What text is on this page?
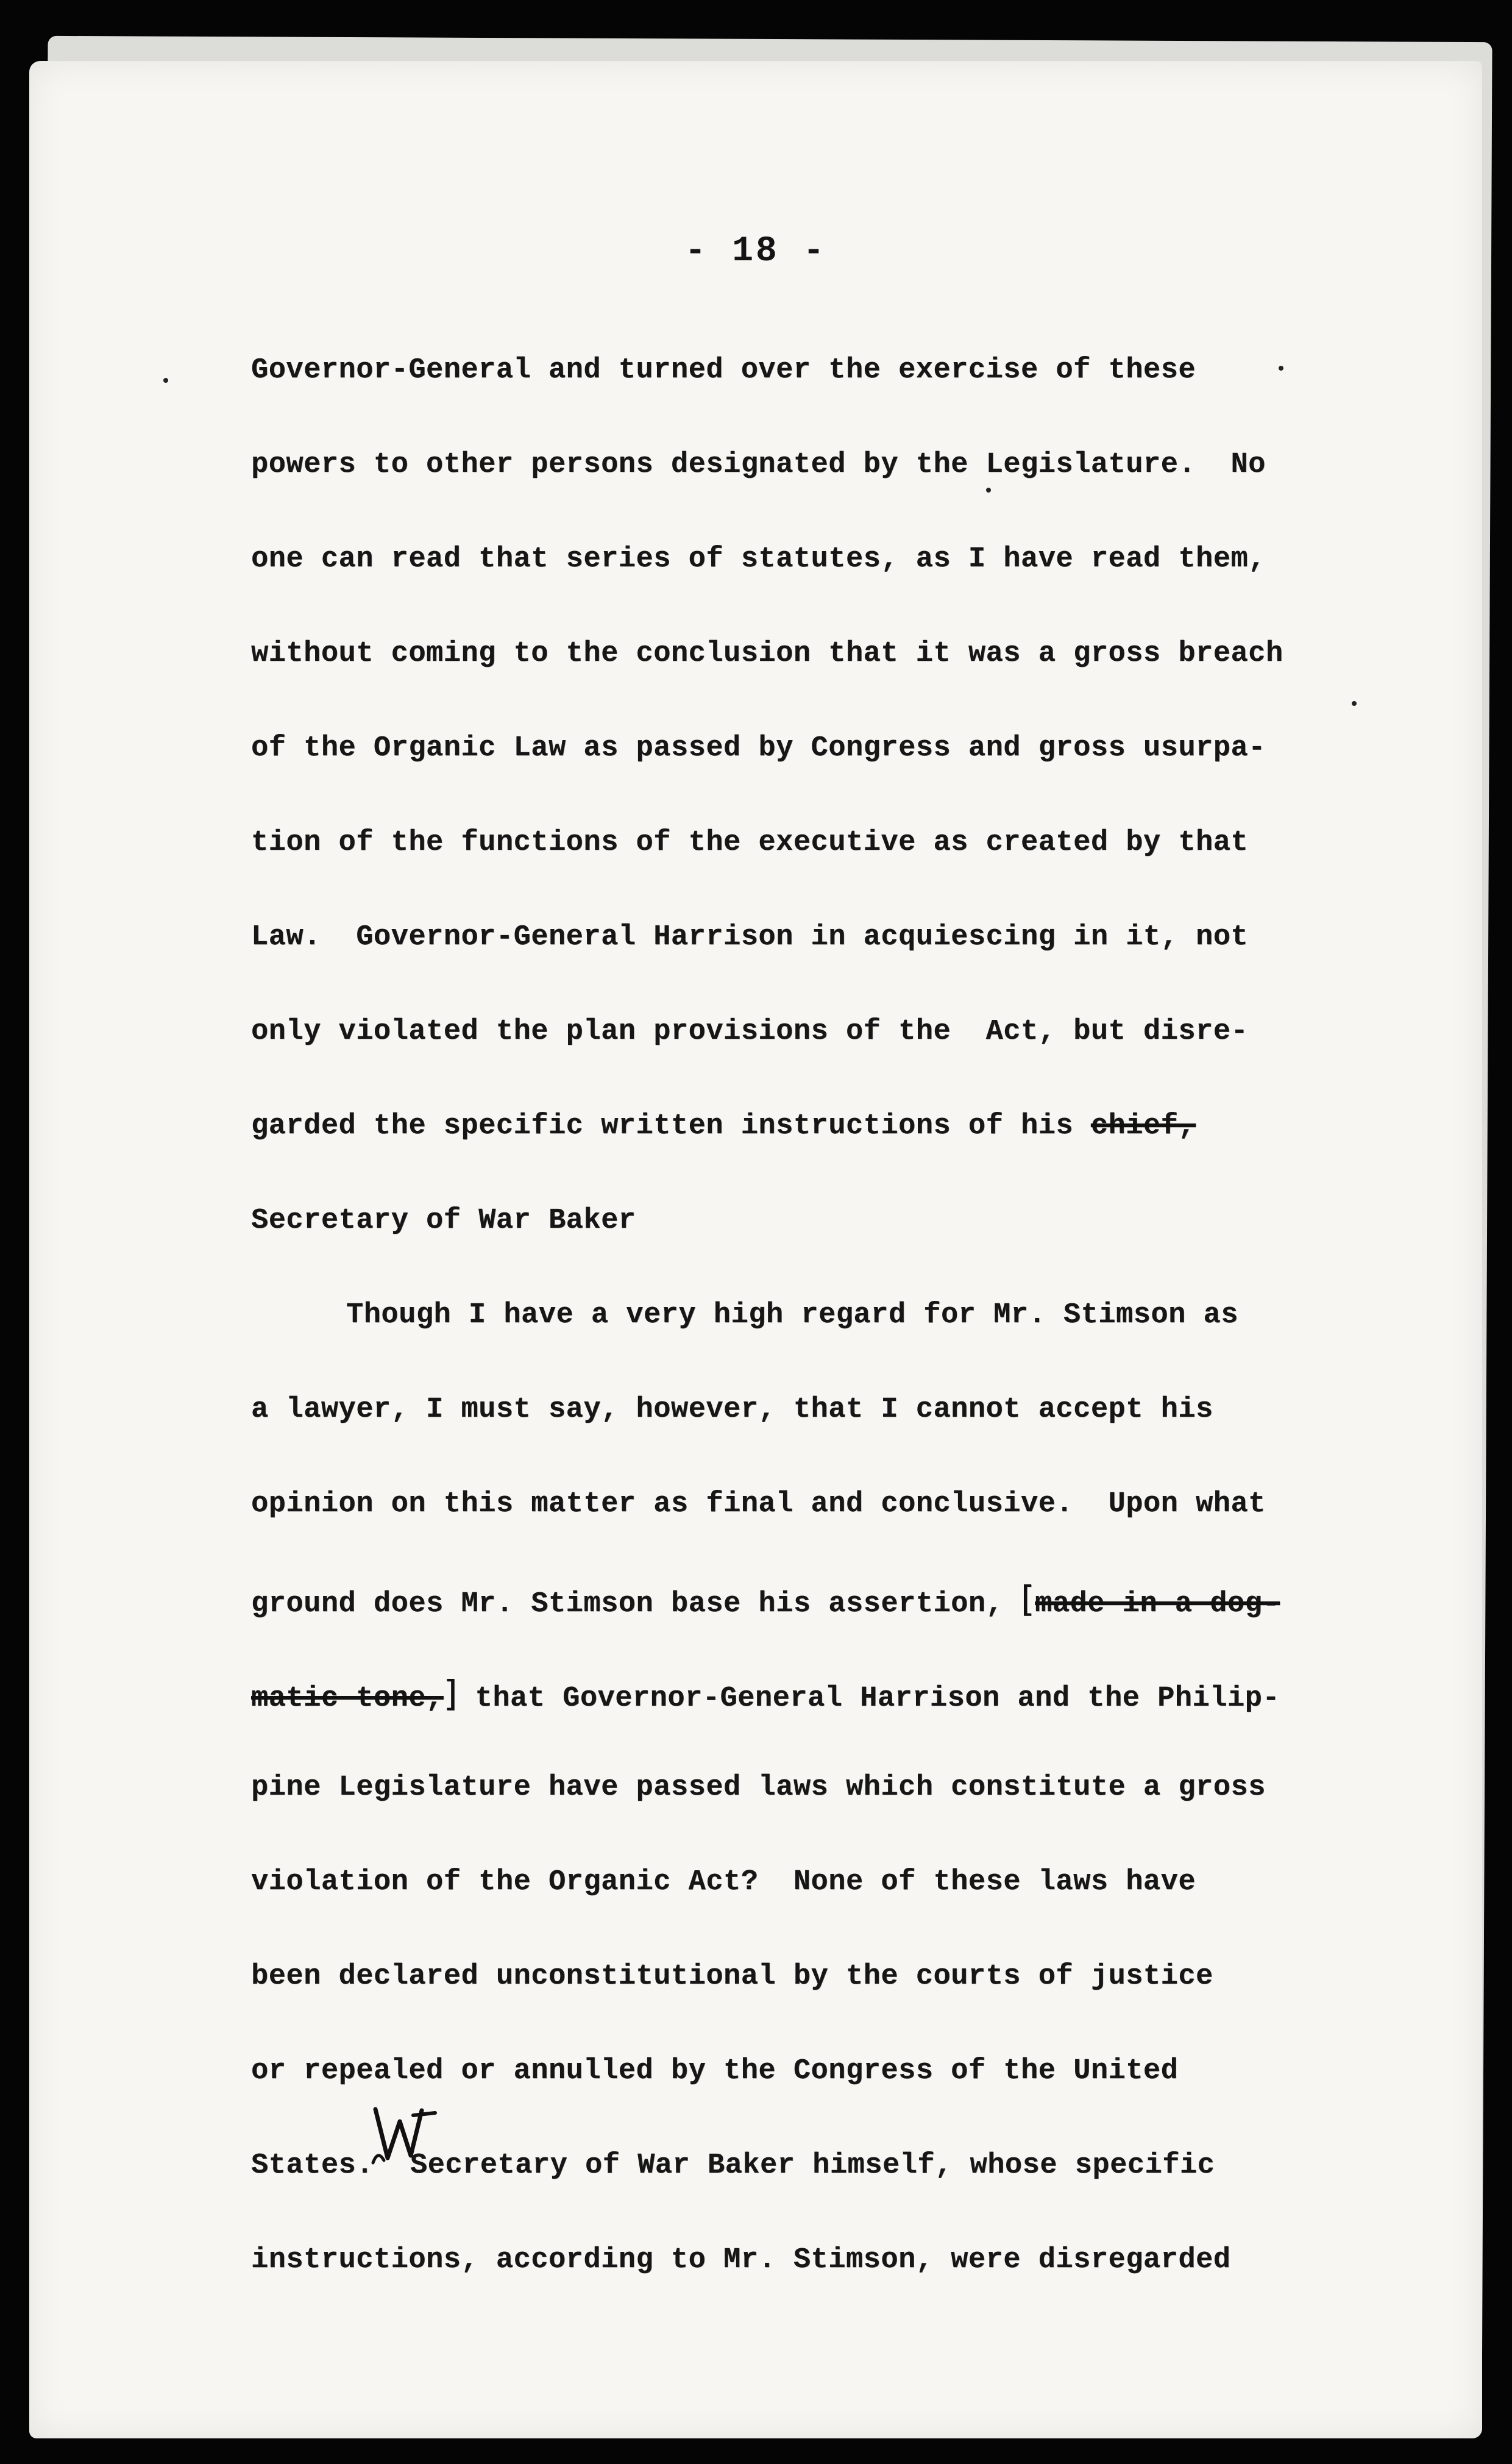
- 18 -
Governor-General and turned over the exercise of these
powers to other persons designated by the Legislature.  No
one can read that series of statutes, as I have read them,
without coming to the conclusion that it was a gross breach
of the Organic Law as passed by Congress and gross usurpa-
tion of the functions of the executive as created by that
Law.  Governor-General Harrison in acquiescing in it, not
only violated the plan provisions of the  Act, but disre-
garded the specific written instructions of his chief,
Secretary of War Baker
Though I have a very high regard for Mr. Stimson as
a lawyer, I must say, however, that I cannot accept his
opinion on this matter as final and conclusive.  Upon what
ground does Mr. Stimson base his assertion, [made in a dog-
matic tone,] that Governor-General Harrison and the Philip-
pine Legislature have passed laws which constitute a gross
violation of the Organic Act?  None of these laws have
been declared unconstitutional by the courts of justice
or repealed or annulled by the Congress of the United
States. Secretary of War Baker himself, whose specific
instructions, according to Mr. Stimson, were disregarded
